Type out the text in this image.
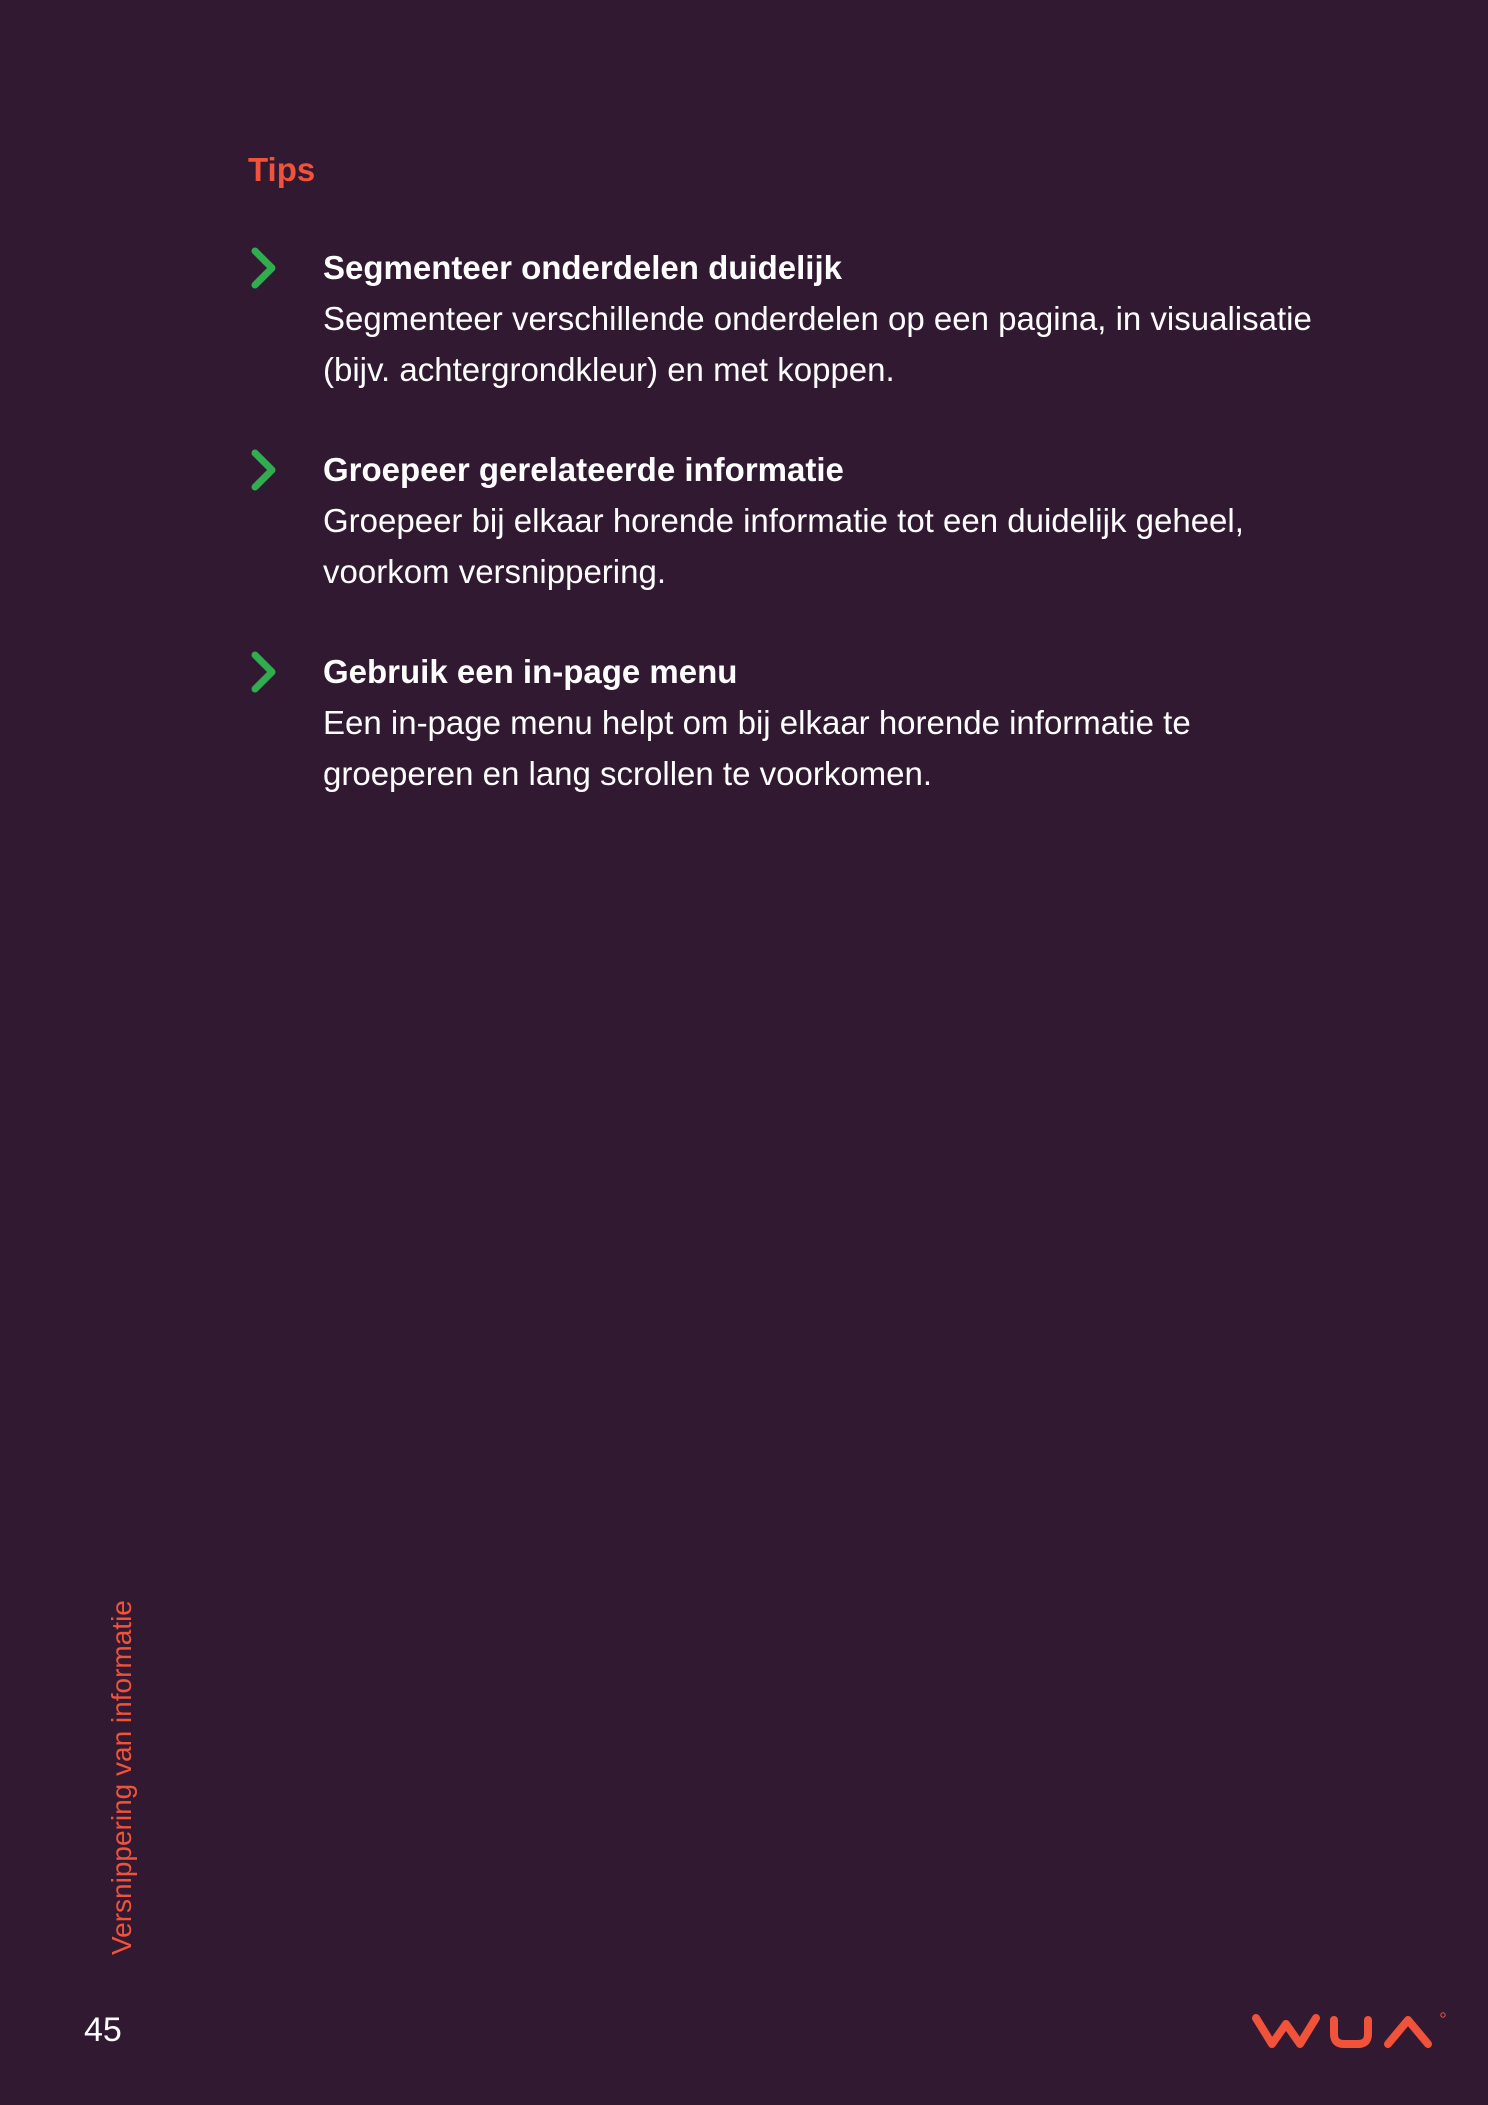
Tips
Segmenteer onderdelen duidelijk

Segmenteer verschillende onderdelen op een pagina, in visualisatie (bijv. achtergrondkleur) en met koppen.

Groepeer gerelateerde informatie

Groepeer bij elkaar horende informatie tot een duidelijk geheel, voorkom versnippering.

Gebruik een in-page menu

Een in-page menu helpt om bij elkaar horende informatie te groeperen en lang scrollen te voorkomen.

Versnippering van informatie
45
